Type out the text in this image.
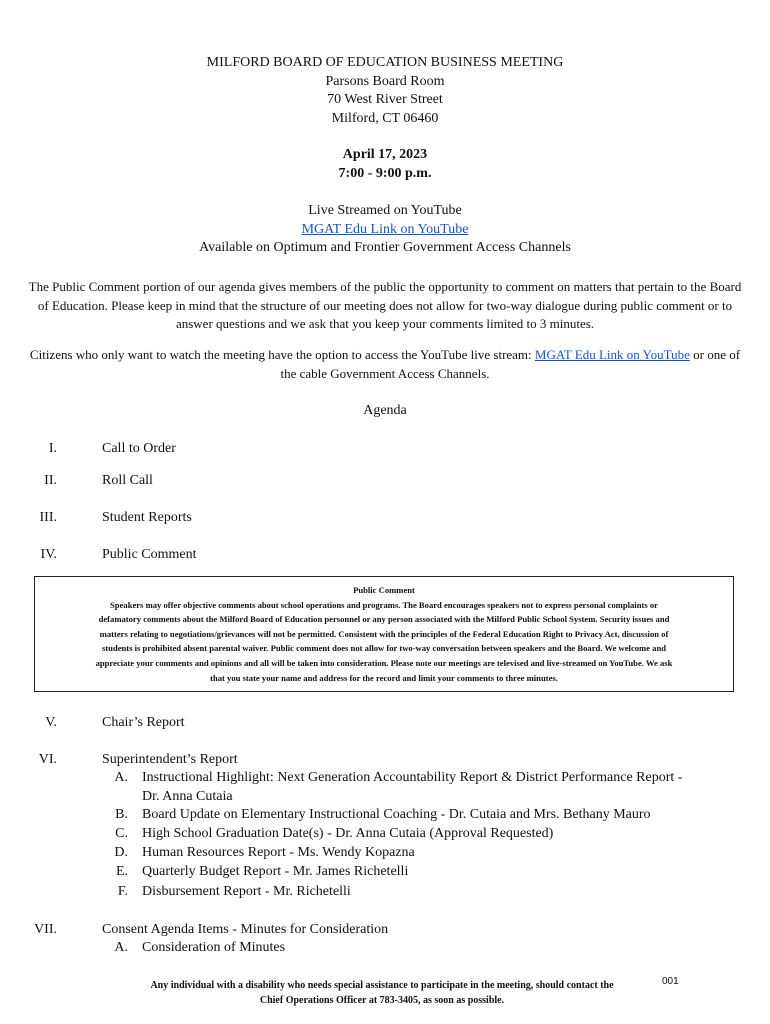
MILFORD BOARD OF EDUCATION BUSINESS MEETING
Parsons Board Room
70 West River Street
Milford, CT 06460
April 17, 2023
7:00 - 9:00 p.m.
Live Streamed on YouTube
MGAT Edu Link on YouTube
Available on Optimum and Frontier Government Access Channels
The Public Comment portion of our agenda gives members of the public the opportunity to comment on matters that pertain to the Board of Education. Please keep in mind that the structure of our meeting does not allow for two-way dialogue during public comment or to answer questions and we ask that you keep your comments limited to 3 minutes.
Citizens who only want to watch the meeting have the option to access the YouTube live stream: MGAT Edu Link on YouTube or one of the cable Government Access Channels.
Agenda
I.	Call to Order
II.	Roll Call
III.	Student Reports
IV.	Public Comment
Public Comment
Speakers may offer objective comments about school operations and programs. The Board encourages speakers not to express personal complaints or
defamatory comments about the Milford Board of Education personnel or any person associated with the Milford Public School System. Security issues and
matters relating to negotiations/grievances will not be permitted. Consistent with the principles of the Federal Education Right to Privacy Act, discussion of
students is prohibited absent parental waiver. Public comment does not allow for two-way conversation between speakers and the Board. We welcome and
appreciate your comments and opinions and all will be taken into consideration. Please note our meetings are televised and live-streamed on YouTube. We ask
that you state your name and address for the record and limit your comments to three minutes.
V.	Chair’s Report
VI.	Superintendent’s Report
A. Instructional Highlight: Next Generation Accountability Report & District Performance Report - Dr. Anna Cutaia
B. Board Update on Elementary Instructional Coaching - Dr. Cutaia and Mrs. Bethany Mauro
C. High School Graduation Date(s) - Dr. Anna Cutaia (Approval Requested)
D. Human Resources Report - Ms. Wendy Kopazna
E. Quarterly Budget Report - Mr. James Richetelli
F. Disbursement Report - Mr. Richetelli
VII.	Consent Agenda Items - Minutes for Consideration
A. Consideration of Minutes
Any individual with a disability who needs special assistance to participate in the meeting, should contact the
Chief Operations Officer at 783-3405, as soon as possible.
001
